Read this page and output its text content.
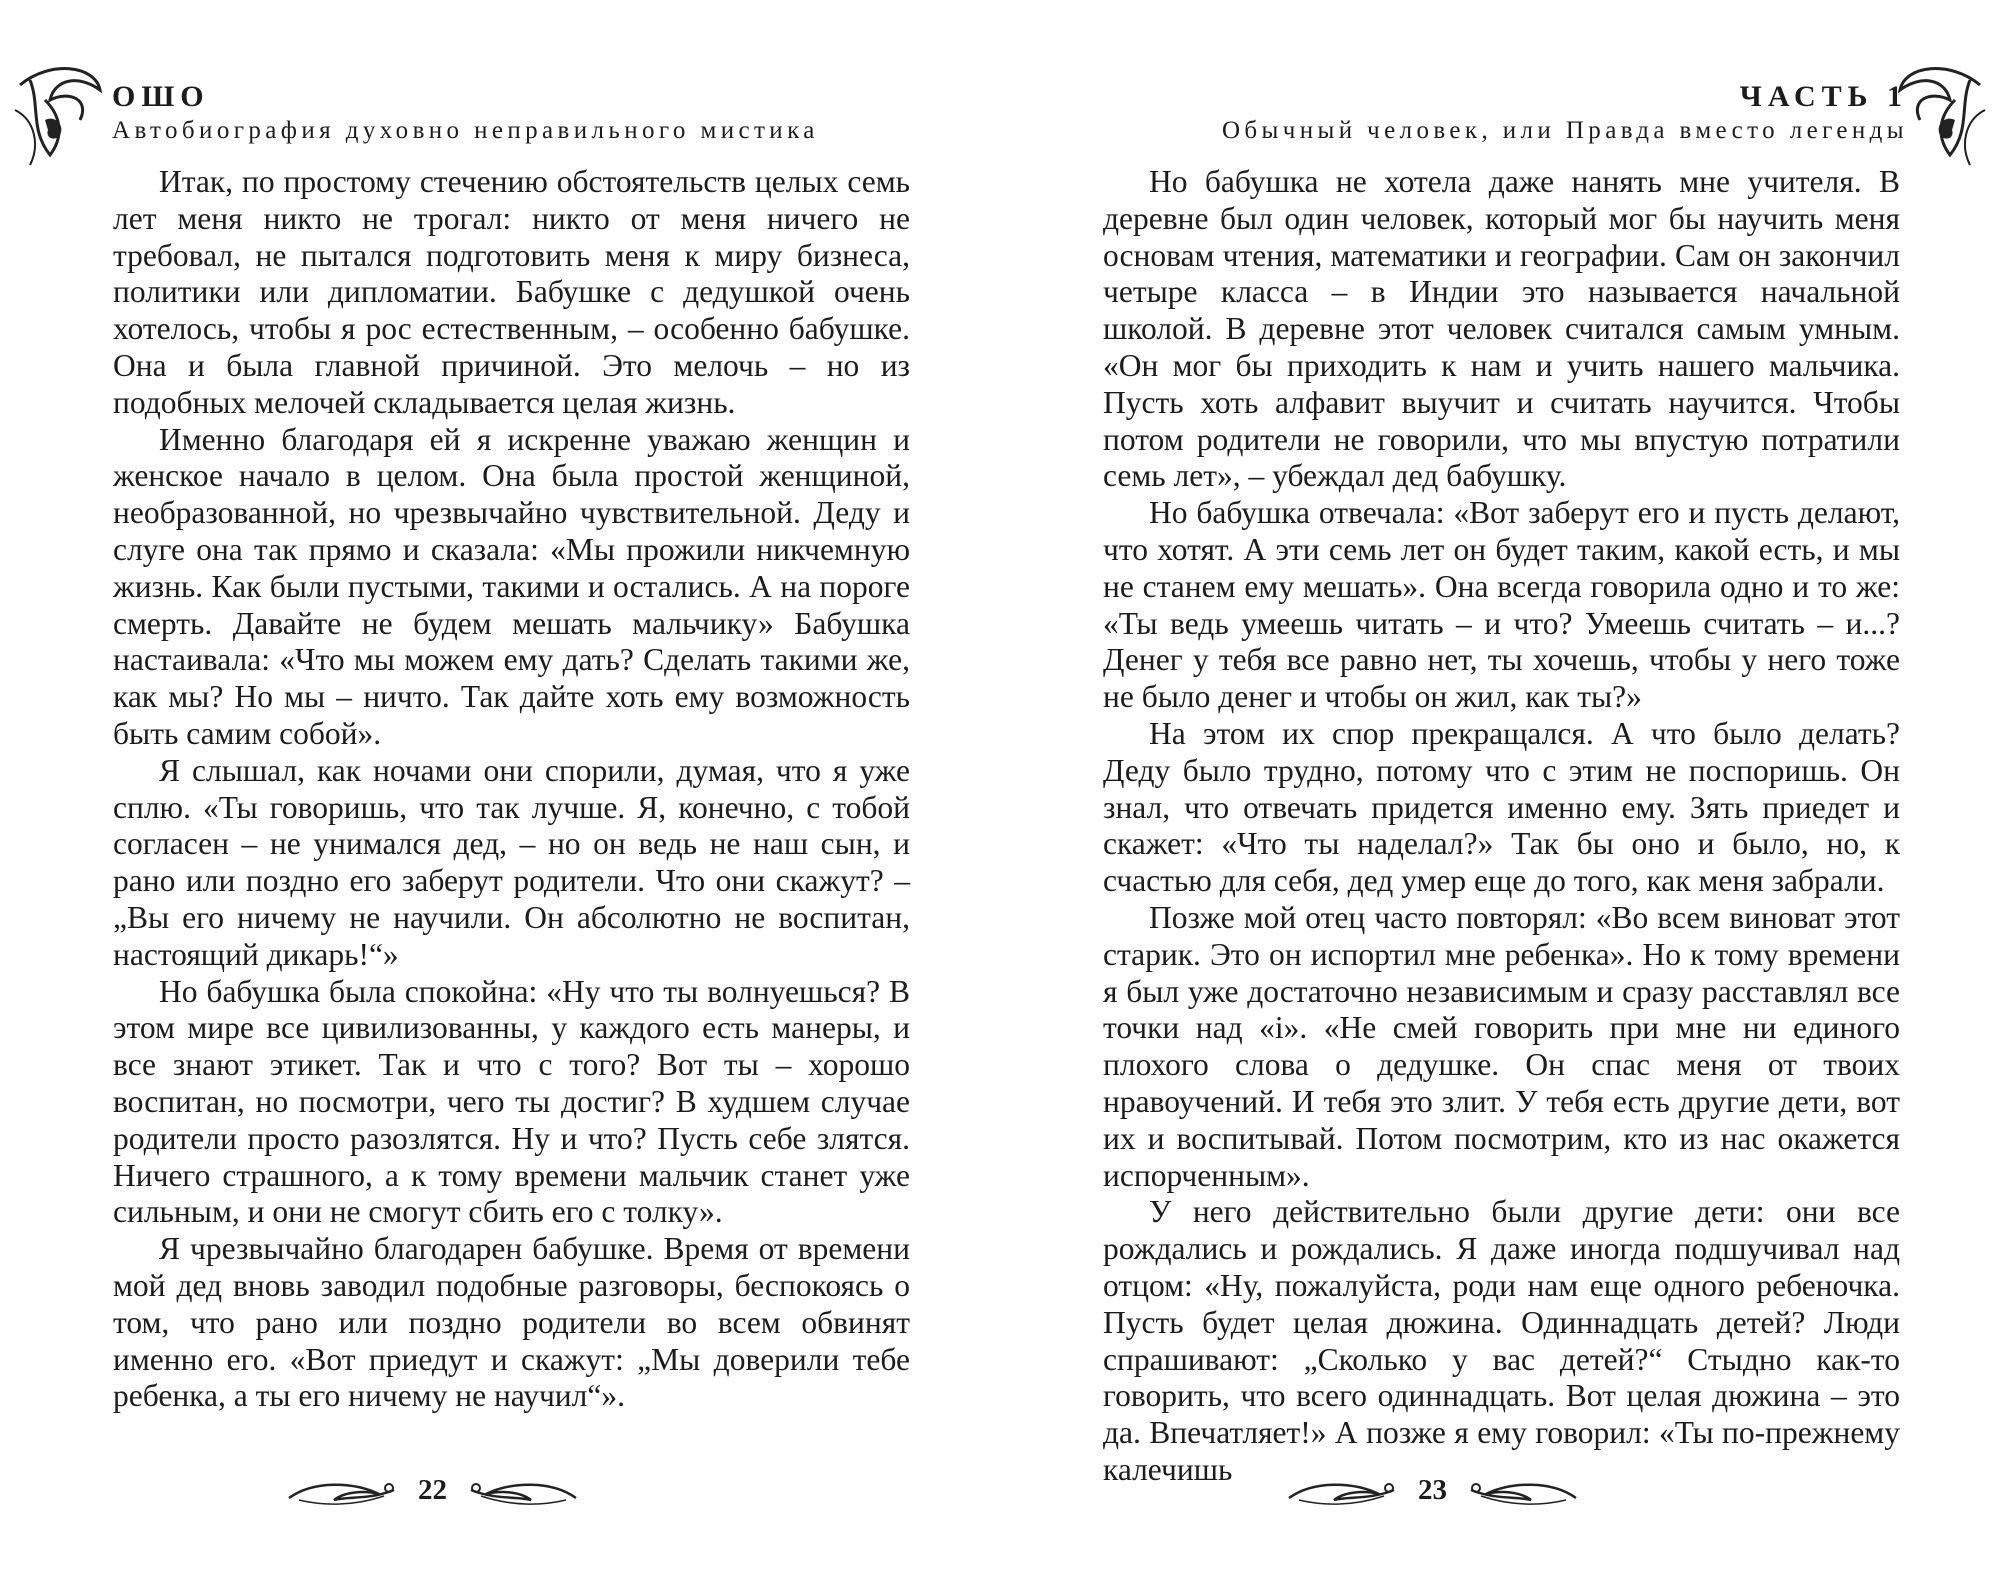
ОШО
Автобиография духовно неправильного мистика

Итак, по простому стечению обстоятельств целых семь лет меня никто не трогал: никто от меня ничего не требовал, не пытался подготовить меня к миру бизнеса, политики или дипломатии. Бабушке с дедушкой очень хотелось, чтобы я рос естественным, – особенно бабушке. Она и была главной причиной. Это мелочь – но из подобных мелочей складывается целая жизнь.

Именно благодаря ей я искренне уважаю женщин и женское начало в целом. Она была простой женщиной, необразованной, но чрезвычайно чувствительной. Деду и слуге она так прямо и сказала: «Мы прожили никчемную жизнь. Как были пустыми, такими и остались. А на пороге смерть. Давайте не будем мешать мальчику» Бабушка настаивала: «Что мы можем ему дать? Сделать такими же, как мы? Но мы – ничто. Так дайте хоть ему возможность быть самим собой».

Я слышал, как ночами они спорили, думая, что я уже сплю. «Ты говоришь, что так лучше. Я, конечно, с тобой согласен – не унимался дед, – но он ведь не наш сын, и рано или поздно его заберут родители. Что они скажут? – „Вы его ничему не научили. Он абсолютно не воспитан, настоящий дикарь!“»

Но бабушка была спокойна: «Ну что ты волнуешься? В этом мире все цивилизованны, у каждого есть манеры, и все знают этикет. Так и что с того? Вот ты – хорошо воспитан, но посмотри, чего ты достиг? В худшем случае родители просто разозлятся. Ну и что? Пусть себе злятся. Ничего страшного, а к тому времени мальчик станет уже сильным, и они не смогут сбить его с толку».

Я чрезвычайно благодарен бабушке. Время от времени мой дед вновь заводил подобные разговоры, беспокоясь о том, что рано или поздно родители во всем обвинят именно его. «Вот приедут и скажут: „Мы доверили тебе ребенка, а ты его ничему не научил“».

22
ЧАСТЬ 1
Обычный человек, или Правда вместо легенды

Но бабушка не хотела даже нанять мне учителя. В деревне был один человек, который мог бы научить меня основам чтения, математики и географии. Сам он закончил четыре класса – в Индии это называется начальной школой. В деревне этот человек считался самым умным. «Он мог бы приходить к нам и учить нашего мальчика. Пусть хоть алфавит выучит и считать научится. Чтобы потом родители не говорили, что мы впустую потратили семь лет», – убеждал дед бабушку.

Но бабушка отвечала: «Вот заберут его и пусть делают, что хотят. А эти семь лет он будет таким, какой есть, и мы не станем ему мешать». Она всегда говорила одно и то же: «Ты ведь умеешь читать – и что? Умеешь считать – и...? Денег у тебя все равно нет, ты хочешь, чтобы у него тоже не было денег и чтобы он жил, как ты?»

На этом их спор прекращался. А что было делать? Деду было трудно, потому что с этим не поспоришь. Он знал, что отвечать придется именно ему. Зять приедет и скажет: «Что ты наделал?» Так бы оно и было, но, к счастью для себя, дед умер еще до того, как меня забрали.

Позже мой отец часто повторял: «Во всем виноват этот старик. Это он испортил мне ребенка». Но к тому времени я был уже достаточно независимым и сразу расставлял все точки над «і». «Не смей говорить при мне ни единого плохого слова о дедушке. Он спас меня от твоих нравоучений. И тебя это злит. У тебя есть другие дети, вот их и воспитывай. Потом посмотрим, кто из нас окажется испорченным».

У него действительно были другие дети: они все рождались и рождались. Я даже иногда подшучивал над отцом: «Ну, пожалуйста, роди нам еще одного ребеночка. Пусть будет целая дюжина. Одиннадцать детей? Люди спрашивают: „Сколько у вас детей?“ Стыдно как-то говорить, что всего одиннадцать. Вот целая дюжина – это да. Впечатляет!» А позже я ему говорил: «Ты по-прежнему калечишь

23
